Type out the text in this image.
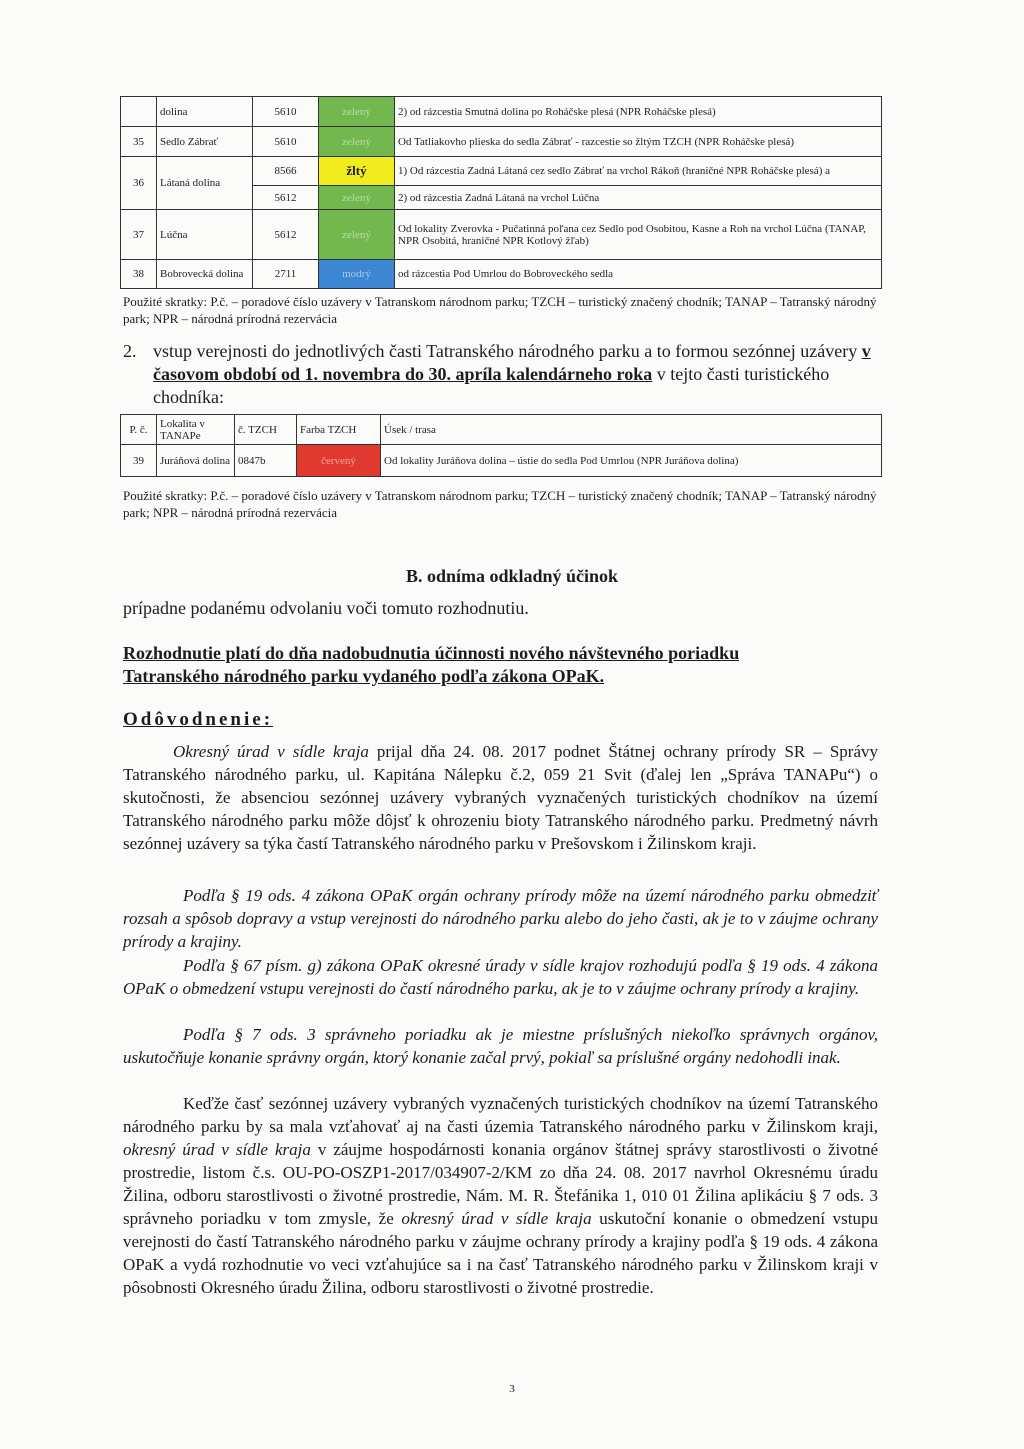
	dolina	5610	zelený	2) od rázcestia Smutná dolina po Roháčske plesá (NPR Roháčske plesá)
35	Sedlo Zábrať	5610	zelený	Od Tatliakovho plieska do sedla Zábrať - razcestie so žltým TZCH (NPR Roháčske plesá)
36	Látaná dolina	8566	žltý	1) Od rázcestia Zadná Látaná cez sedlo Zábrať na vrchol Rákoň (hraničné NPR Roháčske plesá) a
		5612	zelený	2) od rázcestia Zadná Látaná na vrchol Lúčna
37	Lúčna	5612	zelený	Od lokality Zverovka - Pučatinná poľana cez Sedlo pod Osobitou, Kasne a Roh na vrchol Lúčna (TANAP, NPR Osobitá, hraničné NPR Kotlový žľab)
38	Bobrovecká dolina	2711	modrý	od rázcestia Pod Umrlou do Bobroveckého sedla
Použité skratky: P.č. – poradové číslo uzávery v Tatranskom národnom parku; TZCH – turistický značený chodník; TANAP – Tatranský národný park; NPR – národná prírodná rezervácia
2. vstup verejnosti do jednotlivých časti Tatranského národného parku a to formou sezónnej uzávery v časovom období od 1. novembra do 30. apríla kalendárneho roka v tejto časti turistického chodníka:
P. č.	Lokalita v TANAPe	č. TZCH	Farba TZCH	Úsek / trasa
39	Juráňová dolina	0847b	červený	Od lokality Juráňova dolina – ústie do sedla Pod Umrlou (NPR Juráňova dolina)
Použité skratky: P.č. – poradové číslo uzávery v Tatranskom národnom parku; TZCH – turistický značený chodník; TANAP – Tatranský národný park; NPR – národná prírodná rezervácia
B. odníma odkladný účinok
prípadne podanému odvolaniu voči tomuto rozhodnutiu.
Rozhodnutie platí do dňa nadobudnutia účinnosti nového návštevného poriadku
Tatranského národného parku vydaného podľa zákona OPaK.
Odôvodnenie:
Okresný úrad v sídle kraja prijal dňa 24. 08. 2017 podnet Štátnej ochrany prírody SR – Správy Tatranského národného parku, ul. Kapitána Nálepku č.2, 059 21 Svit (ďalej len „Správa TANAPu“) o skutočnosti, že absenciou sezónnej uzávery vybraných vyznačených turistických chodníkov na území Tatranského národného parku môže dôjsť k ohrozeniu bioty Tatranského národného parku. Predmetný návrh sezónnej uzávery sa týka častí Tatranského národného parku v Prešovskom i Žilinskom kraji.
Podľa § 19 ods. 4 zákona OPaK orgán ochrany prírody môže na území národného parku obmedziť rozsah a spôsob dopravy a vstup verejnosti do národného parku alebo do jeho časti, ak je to v záujme ochrany prírody a krajiny.
Podľa § 67 písm. g) zákona OPaK okresné úrady v sídle krajov rozhodujú podľa § 19 ods. 4 zákona OPaK o obmedzení vstupu verejnosti do častí národného parku, ak je to v záujme ochrany prírody a krajiny.
Podľa § 7 ods. 3 správneho poriadku ak je miestne príslušných niekoľko správnych orgánov, uskutočňuje konanie správny orgán, ktorý konanie začal prvý, pokiaľ sa príslušné orgány nedohodli inak.
Keďže časť sezónnej uzávery vybraných vyznačených turistických chodníkov na území Tatranského národného parku by sa mala vzťahovať aj na časti územia Tatranského národného parku v Žilinskom kraji, okresný úrad v sídle kraja v záujme hospodárnosti konania orgánov štátnej správy starostlivosti o životné prostredie, listom č.s. OU-PO-OSZP1-2017/034907-2/KM zo dňa 24. 08. 2017 navrhol Okresnému úradu Žilina, odboru starostlivosti o životné prostredie, Nám. M. R. Štefánika 1, 010 01 Žilina aplikáciu § 7 ods. 3 správneho poriadku v tom zmysle, že okresný úrad v sídle kraja uskutoční konanie o obmedzení vstupu verejnosti do častí Tatranského národného parku v záujme ochrany prírody a krajiny podľa § 19 ods. 4 zákona OPaK a vydá rozhodnutie vo veci vzťahujúce sa i na časť Tatranského národného parku v Žilinskom kraji v pôsobnosti Okresného úradu Žilina, odboru starostlivosti o životné prostredie.
3
